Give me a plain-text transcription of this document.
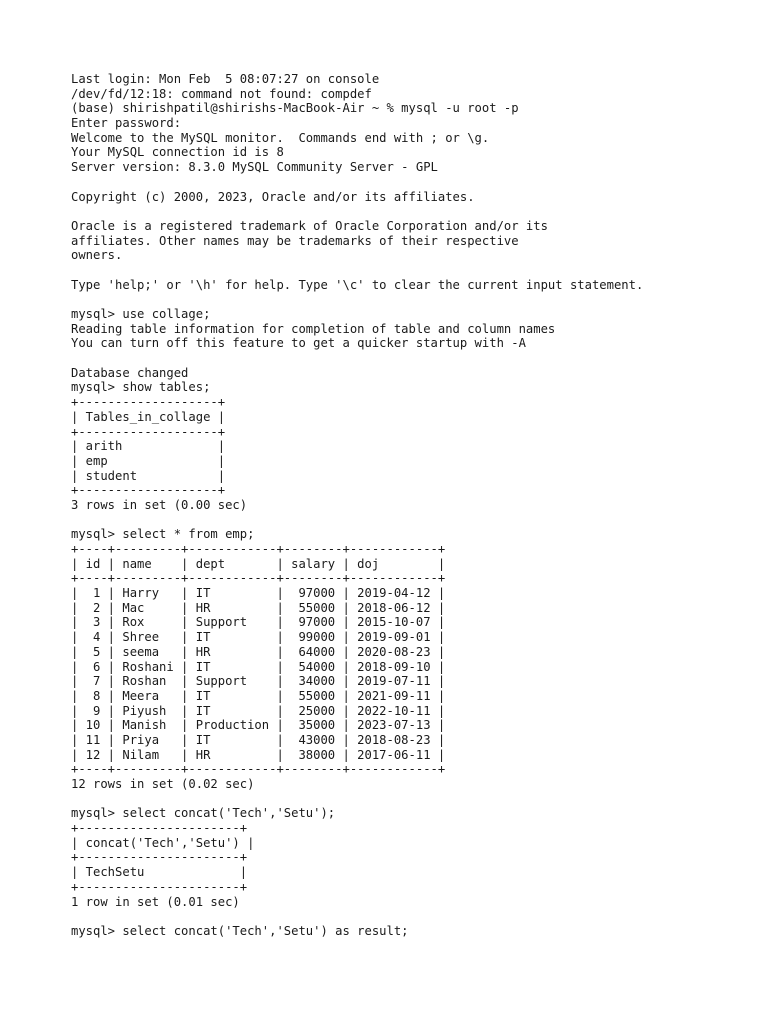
Last login: Mon Feb  5 08:07:27 on console
/dev/fd/12:18: command not found: compdef
(base) shirishpatil@shirishs-MacBook-Air ~ % mysql -u root -p
Enter password:
Welcome to the MySQL monitor.  Commands end with ; or \g.
Your MySQL connection id is 8
Server version: 8.3.0 MySQL Community Server - GPL
Copyright (c) 2000, 2023, Oracle and/or its affiliates.
Oracle is a registered trademark of Oracle Corporation and/or its
affiliates. Other names may be trademarks of their respective
owners.
Type 'help;' or '\h' for help. Type '\c' to clear the current input statement.
mysql> use collage;
Reading table information for completion of table and column names
You can turn off this feature to get a quicker startup with -A
Database changed
mysql> show tables;
+-------------------+
| Tables_in_collage |
+-------------------+
| arith             |
| emp               |
| student           |
+-------------------+
3 rows in set (0.00 sec)
mysql> select * from emp;
+----+---------+------------+--------+------------+
| id | name    | dept       | salary | doj        |
+----+---------+------------+--------+------------+
|  1 | Harry   | IT         |  97000 | 2019-04-12 |
|  2 | Mac     | HR         |  55000 | 2018-06-12 |
|  3 | Rox     | Support    |  97000 | 2015-10-07 |
|  4 | Shree   | IT         |  99000 | 2019-09-01 |
|  5 | seema   | HR         |  64000 | 2020-08-23 |
|  6 | Roshani | IT         |  54000 | 2018-09-10 |
|  7 | Roshan  | Support    |  34000 | 2019-07-11 |
|  8 | Meera   | IT         |  55000 | 2021-09-11 |
|  9 | Piyush  | IT         |  25000 | 2022-10-11 |
| 10 | Manish  | Production |  35000 | 2023-07-13 |
| 11 | Priya   | IT         |  43000 | 2018-08-23 |
| 12 | Nilam   | HR         |  38000 | 2017-06-11 |
+----+---------+------------+--------+------------+
12 rows in set (0.02 sec)
mysql> select concat('Tech','Setu');
+----------------------+
| concat('Tech','Setu') |
+----------------------+
| TechSetu             |
+----------------------+
1 row in set (0.01 sec)
mysql> select concat('Tech','Setu') as result;
